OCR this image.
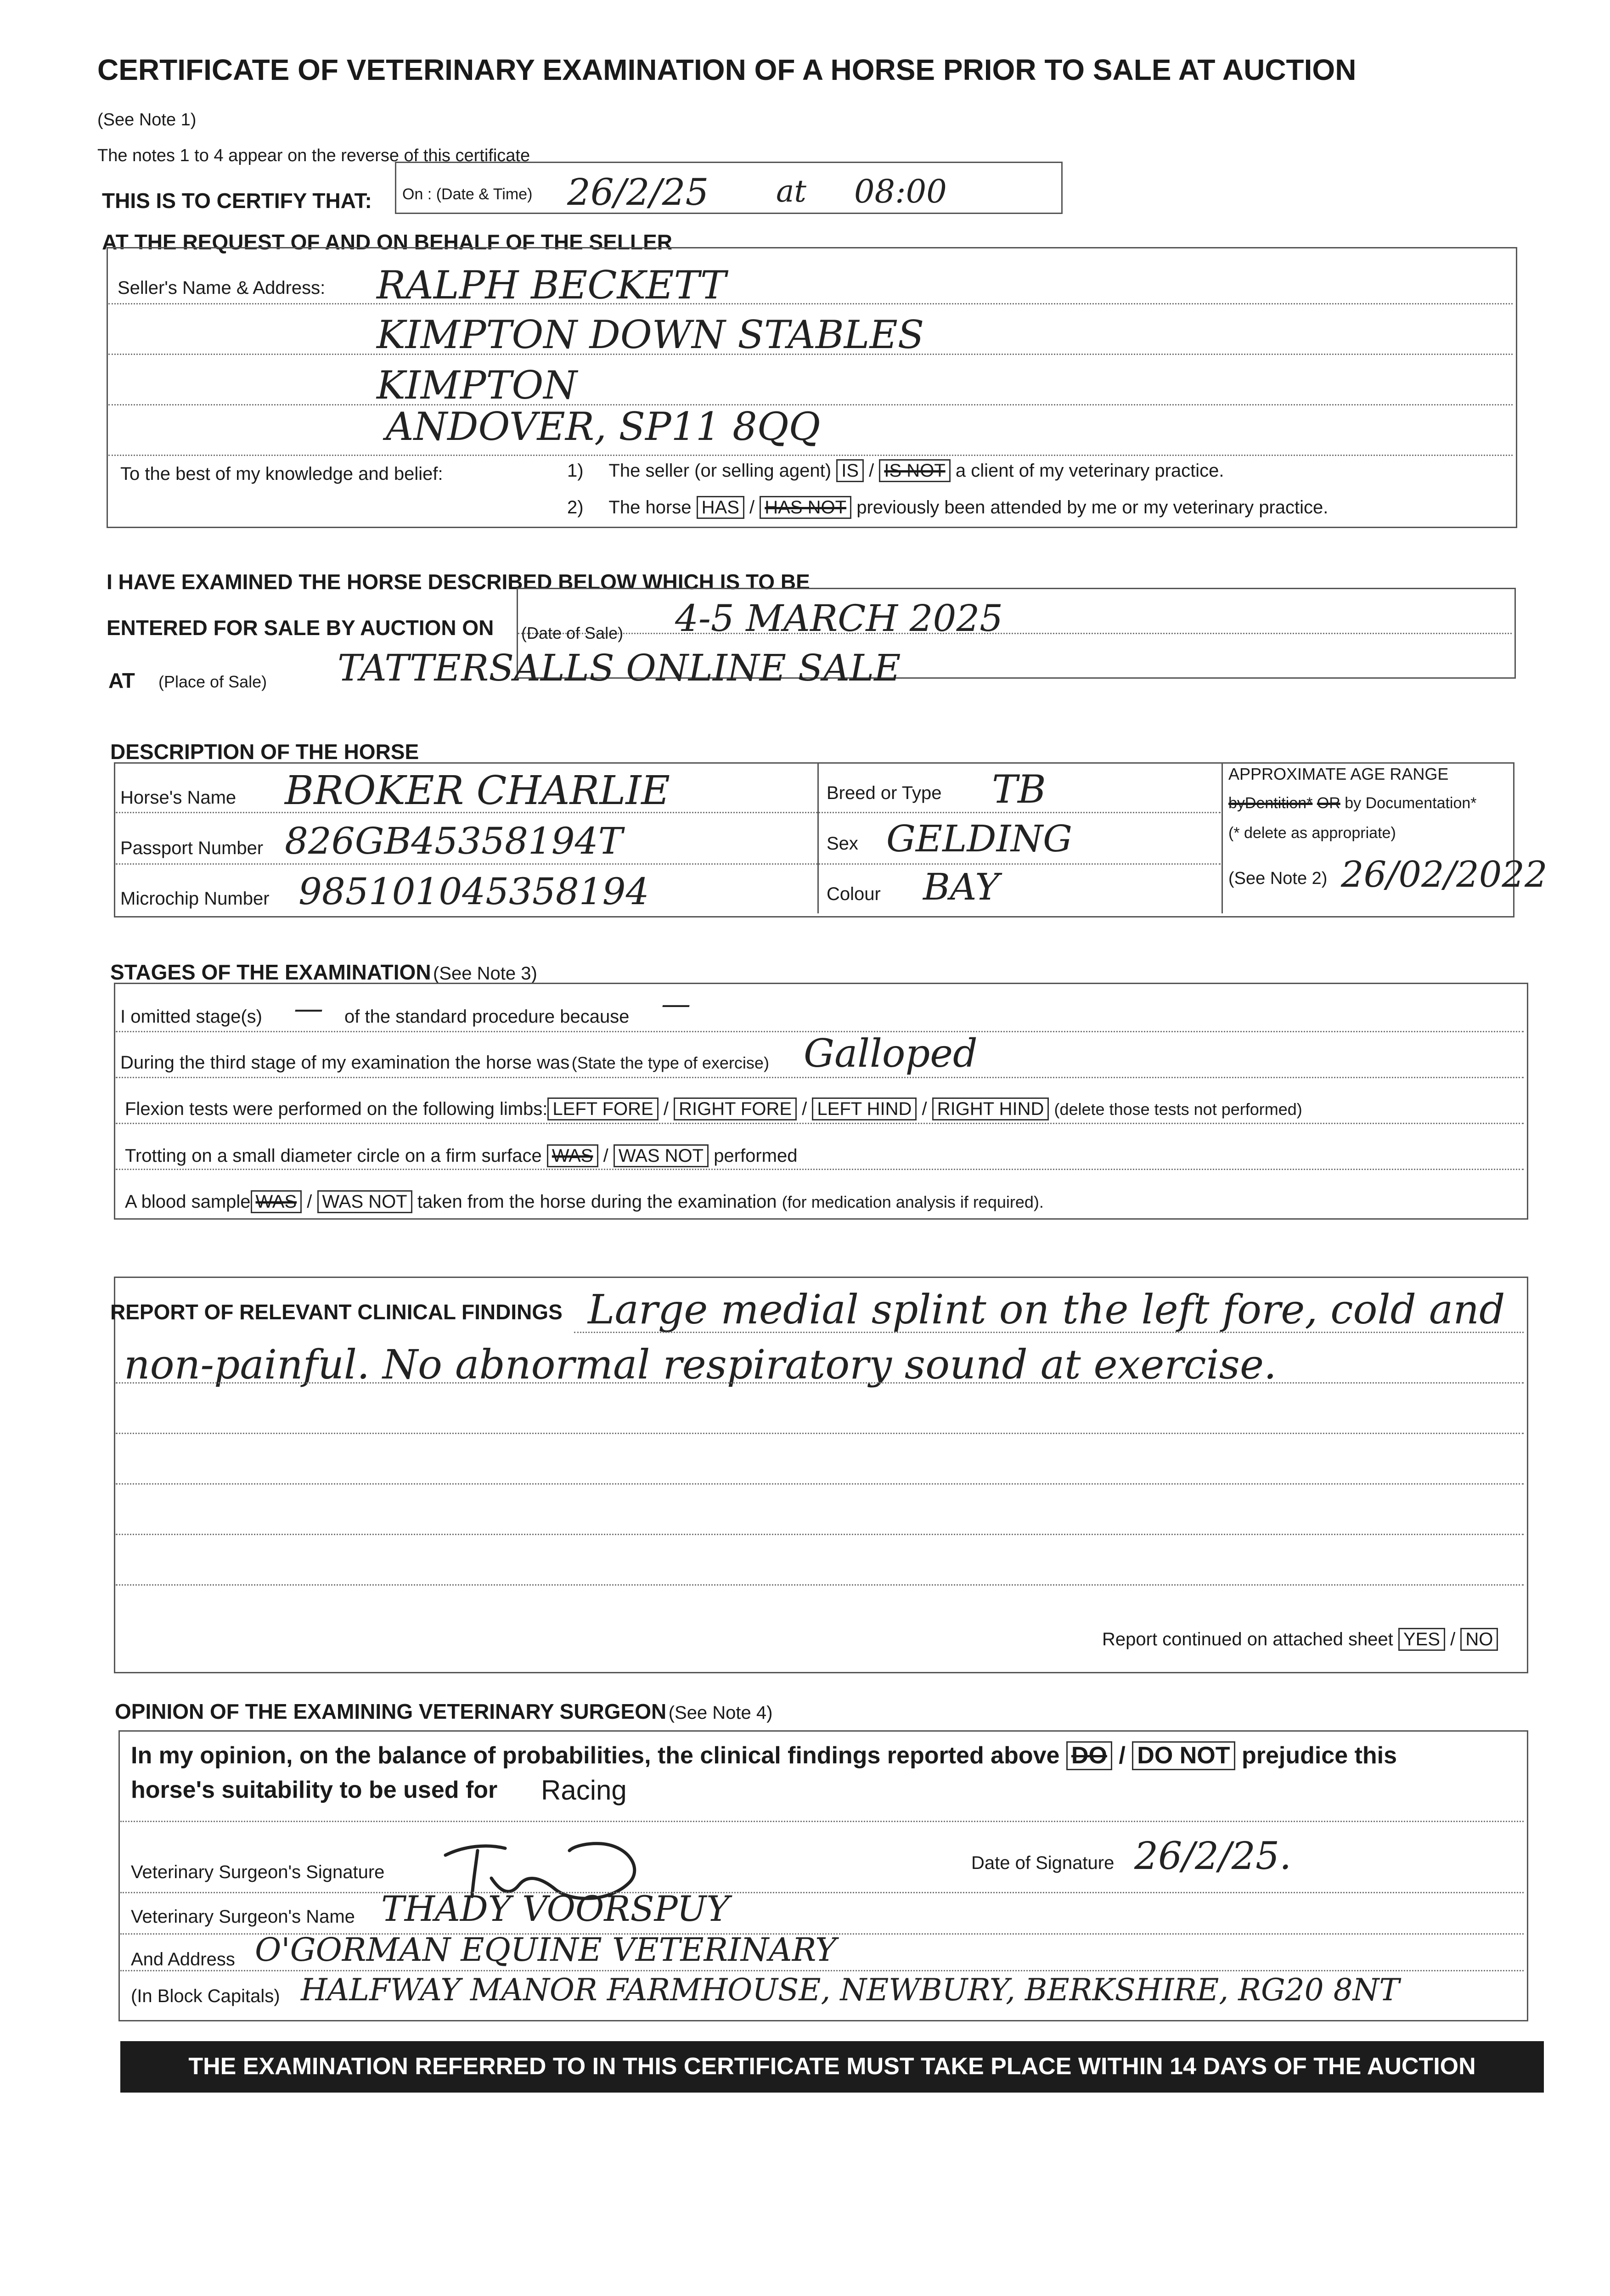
CERTIFICATE OF VETERINARY EXAMINATION OF A HORSE PRIOR TO SALE AT AUCTION
(See Note 1)
The notes 1 to 4 appear on the reverse of this certificate
THIS IS TO CERTIFY THAT: On : (Date & Time) 26/2/25 at 08:00
AT THE REQUEST OF AND ON BEHALF OF THE SELLER
Seller's Name & Address: RALPH BECKETT
KIMPTON DOWN STABLES
KIMPTON
ANDOVER, SP11 8QQ
To the best of my knowledge and belief:	1) The seller (or selling agent) IS / IS NOT a client of my veterinary practice.
2) The horse HAS / HAS NOT previously been attended by me or my veterinary practice.
I HAVE EXAMINED THE HORSE DESCRIBED BELOW WHICH IS TO BE
ENTERED FOR SALE BY AUCTION ON (Date of Sale) 4-5 MARCH 2025
AT (Place of Sale) TATTERSALLS ONLINE SALE
DESCRIPTION OF THE HORSE
Horse's Name BROKER CHARLIE
Passport Number 826GB45358194T
Microchip Number 985101045358194
Breed or Type TB
Sex GELDING
Colour BAY
APPROXIMATE AGE RANGE
byDentition* OR by Documentation*
(* delete as appropriate)
(See Note 2) 26/02/2022
STAGES OF THE EXAMINATION (See Note 3)
I omitted stage(s) — of the standard procedure because —
During the third stage of my examination the horse was (State the type of exercise) Galloped
Flexion tests were performed on the following limbs: LEFT FORE / RIGHT FORE / LEFT HIND / RIGHT HIND (delete those tests not performed)
Trotting on a small diameter circle on a firm surface WAS / WAS NOT performed
A blood sample WAS / WAS NOT taken from the horse during the examination (for medication analysis if required).
REPORT OF RELEVANT CLINICAL FINDINGS Large medial splint on the left fore, cold and
non-painful. No abnormal respiratory sound at exercise.
Report continued on attached sheet YES / NO
OPINION OF THE EXAMINING VETERINARY SURGEON (See Note 4)
In my opinion, on the balance of probabilities, the clinical findings reported above DO / DO NOT prejudice this
horse's suitability to be used for Racing
Veterinary Surgeon's Signature	Date of Signature 26/2/25.
Veterinary Surgeon's Name THADY VOORSPUY
And Address O'GORMAN EQUINE VETERINARY
(In Block Capitals) HALFWAY MANOR FARMHOUSE, NEWBURY, BERKSHIRE, RG20 8NT
THE EXAMINATION REFERRED TO IN THIS CERTIFICATE MUST TAKE PLACE WITHIN 14 DAYS OF THE AUCTION
